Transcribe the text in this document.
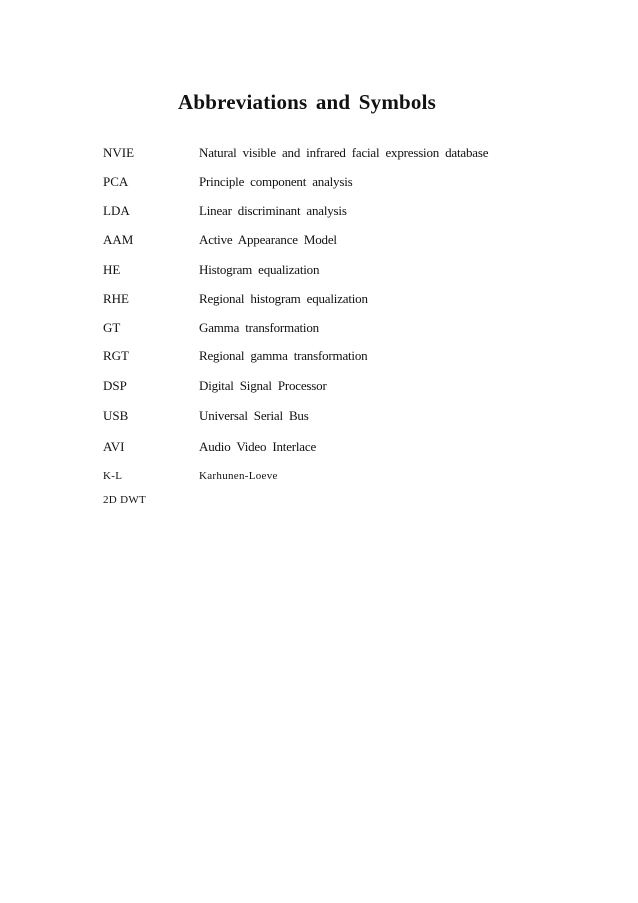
Abbreviations and Symbols
NVIE	Natural visible and infrared facial expression database
PCA	Principle component analysis
LDA	Linear discriminant analysis
AAM	Active Appearance Model
HE	Histogram equalization
RHE	Regional histogram equalization
GT	Gamma transformation
RGT	Regional gamma transformation
DSP	Digital Signal Processor
USB	Universal Serial Bus
AVI	Audio Video Interlace
K-L	Karhunen-Loeve
2D DWT
